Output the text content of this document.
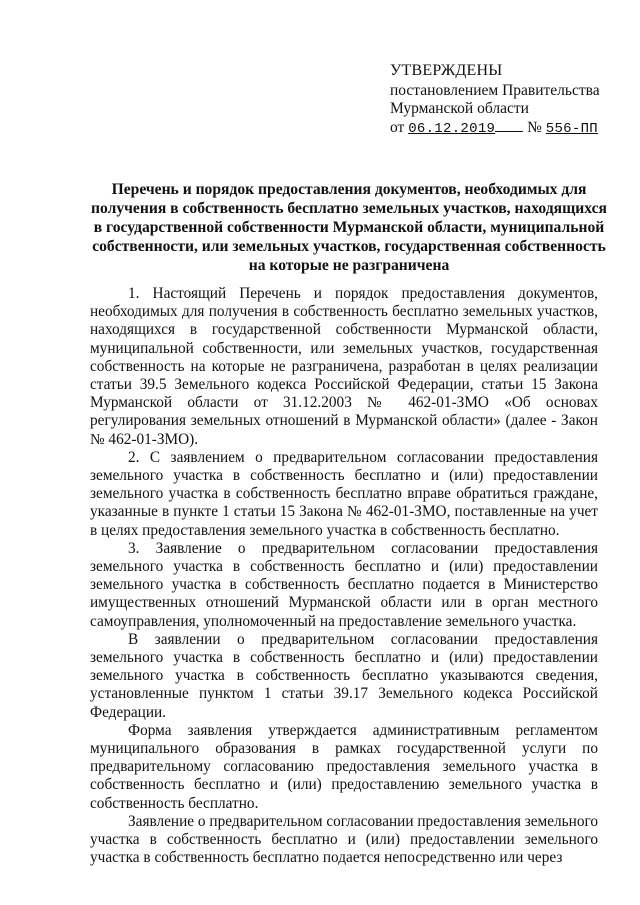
УТВЕРЖДЕНЫ
постановлением Правительства
Мурманской области
от 06.12.2019 № 556-ПП
Перечень и порядок предоставления документов, необходимых для получения в собственность бесплатно земельных участков, находящихся в государственной собственности Мурманской области, муниципальной собственности, или земельных участков, государственная собственность на которые не разграничена

1. Настоящий Перечень и порядок предоставления документов, необходимых для получения в собственность бесплатно земельных участков, находящихся в государственной собственности Мурманской области, муниципальной собственности, или земельных участков, государственная собственность на которые не разграничена, разработан в целях реализации статьи 39.5 Земельного кодекса Российской Федерации, статьи 15 Закона Мурманской области от 31.12.2003 № 462-01-ЗМО «Об основах регулирования земельных отношений в Мурманской области» (далее - Закон № 462-01-ЗМО).

2. С заявлением о предварительном согласовании предоставления земельного участка в собственность бесплатно и (или) предоставлении земельного участка в собственность бесплатно вправе обратиться граждане, указанные в пункте 1 статьи 15 Закона № 462-01-ЗМО, поставленные на учет в целях предоставления земельного участка в собственность бесплатно.

3. Заявление о предварительном согласовании предоставления земельного участка в собственность бесплатно и (или) предоставлении земельного участка в собственность бесплатно подается в Министерство имущественных отношений Мурманской области или в орган местного самоуправления, уполномоченный на предоставление земельного участка.

В заявлении о предварительном согласовании предоставления земельного участка в собственность бесплатно и (или) предоставлении земельного участка в собственность бесплатно указываются сведения, установленные пунктом 1 статьи 39.17 Земельного кодекса Российской Федерации.

Форма заявления утверждается административным регламентом муниципального образования в рамках государственной услуги по предварительному согласованию предоставления земельного участка в собственность бесплатно и (или) предоставлению земельного участка в собственность бесплатно.

Заявление о предварительном согласовании предоставления земельного участка в собственность бесплатно и (или) предоставлении земельного участка в собственность бесплатно подается непосредственно или через
